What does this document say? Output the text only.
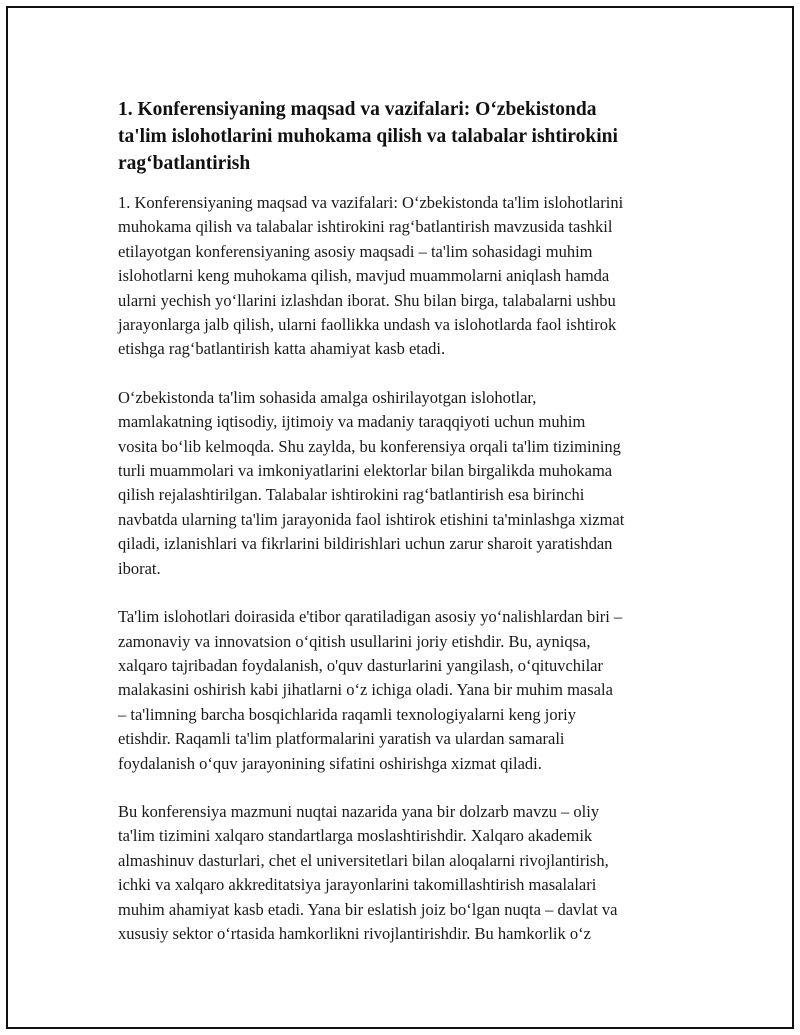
1. Konferensiyaning maqsad va vazifalari: O‘zbekistonda
ta'lim islohotlarini muhokama qilish va talabalar ishtirokini
rag‘batlantirish

1. Konferensiyaning maqsad va vazifalari: O‘zbekistonda ta'lim islohotlarini
muhokama qilish va talabalar ishtirokini rag‘batlantirish mavzusida tashkil
etilayotgan konferensiyaning asosiy maqsadi – ta'lim sohasidagi muhim
islohotlarni keng muhokama qilish, mavjud muammolarni aniqlash hamda
ularni yechish yo‘llarini izlashdan iborat. Shu bilan birga, talabalarni ushbu
jarayonlarga jalb qilish, ularni faollikka undash va islohotlarda faol ishtirok
etishga rag‘batlantirish katta ahamiyat kasb etadi.

O‘zbekistonda ta'lim sohasida amalga oshirilayotgan islohotlar,
mamlakatning iqtisodiy, ijtimoiy va madaniy taraqqiyoti uchun muhim
vosita bo‘lib kelmoqda. Shu zaylda, bu konferensiya orqali ta'lim tizimining
turli muammolari va imkoniyatlarini elektorlar bilan birgalikda muhokama
qilish rejalashtirilgan. Talabalar ishtirokini rag‘batlantirish esa birinchi
navbatda ularning ta'lim jarayonida faol ishtirok etishini ta'minlashga xizmat
qiladi, izlanishlari va fikrlarini bildirishlari uchun zarur sharoit yaratishdan
iborat.

Ta'lim islohotlari doirasida e'tibor qaratiladigan asosiy yo‘nalishlardan biri –
zamonaviy va innovatsion o‘qitish usullarini joriy etishdir. Bu, ayniqsa,
xalqaro tajribadan foydalanish, o'quv dasturlarini yangilash, o‘qituvchilar
malakasini oshirish kabi jihatlarni o‘z ichiga oladi. Yana bir muhim masala
– ta'limning barcha bosqichlarida raqamli texnologiyalarni keng joriy
etishdir. Raqamli ta'lim platformalarini yaratish va ulardan samarali
foydalanish o‘quv jarayonining sifatini oshirishga xizmat qiladi.

Bu konferensiya mazmuni nuqtai nazarida yana bir dolzarb mavzu – oliy
ta'lim tizimini xalqaro standartlarga moslashtirishdir. Xalqaro akademik
almashinuv dasturlari, chet el universitetlari bilan aloqalarni rivojlantirish,
ichki va xalqaro akkreditatsiya jarayonlarini takomillashtirish masalalari
muhim ahamiyat kasb etadi. Yana bir eslatish joiz bo‘lgan nuqta – davlat va
xususiy sektor o‘rtasida hamkorlikni rivojlantirishdir. Bu hamkorlik o‘z
